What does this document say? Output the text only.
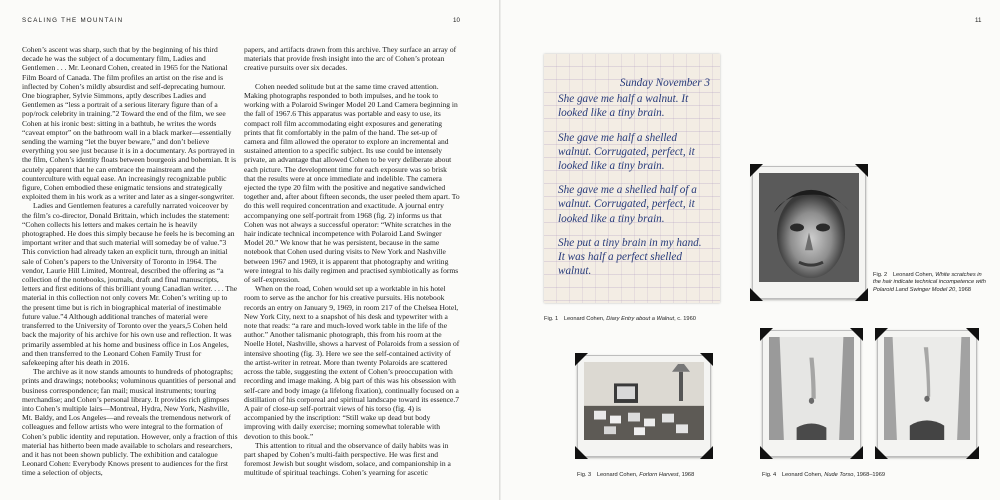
SCALING THE MOUNTAIN	10

Cohen’s ascent was sharp, such that by the beginning of his third decade he was the subject of a documentary film, Ladies and Gentlemen . . . Mr. Leonard Cohen, created in 1965 for the National Film Board of Canada. The film profiles an artist on the rise and is inflected by Cohen’s mildly absurdist and self-deprecating humour. One biographer, Sylvie Simmons, aptly describes Ladies and Gentlemen as “less a portrait of a serious literary figure than of a pop/rock celebrity in training.”2 Toward the end of the film, we see Cohen at his ironic best: sitting in a bathtub, he writes the words “caveat emptor” on the bathroom wall in a black marker—essentially sending the warning “let the buyer beware,” and don’t believe everything you see just because it is in a documentary. As portrayed in the film, Cohen’s identity floats between bourgeois and bohemian. It is acutely apparent that he can embrace the mainstream and the counterculture with equal ease. An increasingly recognizable public figure, Cohen embodied these enigmatic tensions and strategically exploited them in his work as a writer and later as a singer-songwriter.

Ladies and Gentlemen features a carefully narrated voiceover by the film’s co-director, Donald Brittain, which includes the statement: “Cohen collects his letters and makes certain he is heavily photographed. He does this simply because he feels he is becoming an important writer and that such material will someday be of value.”3 This conviction had already taken an explicit turn, through an initial sale of Cohen’s papers to the University of Toronto in 1964. The vendor, Laurie Hill Limited, Montreal, described the offering as “a collection of the notebooks, journals, draft and final manuscripts, letters and first editions of this brilliant young Canadian writer. . . . The material in this collection not only covers Mr. Cohen’s writing up to the present time but is rich in biographical material of inestimable future value.”4 Although additional tranches of material were transferred to the University of Toronto over the years,5 Cohen held back the majority of his archive for his own use and reflection. It was primarily assembled at his home and business office in Los Angeles, and then transferred to the Leonard Cohen Family Trust for safekeeping after his death in 2016.

The archive as it now stands amounts to hundreds of photographs; prints and drawings; notebooks; voluminous quantities of personal and business correspondence; fan mail; musical instruments; touring merchandise; and Cohen’s personal library. It provides rich glimpses into Cohen’s multiple lairs—Montreal, Hydra, New York, Nashville, Mt. Baldy, and Los Angeles—and reveals the tremendous network of colleagues and fellow artists who were integral to the formation of Cohen’s public identity and reputation. However, only a fraction of this material has hitherto been made available to scholars and researchers, and it has not been shown publicly. The exhibition and catalogue Leonard Cohen: Everybody Knows present to audiences for the first time a selection of objects,

papers, and artifacts drawn from this archive. They surface an array of materials that provide fresh insight into the arc of Cohen’s protean creative pursuits over six decades.

Cohen needed solitude but at the same time craved attention. Making photographs responded to both impulses, and he took to working with a Polaroid Swinger Model 20 Land Camera beginning in the fall of 1967.6 This apparatus was portable and easy to use, its compact roll film accommodating eight exposures and generating prints that fit comfortably in the palm of the hand. The set-up of camera and film allowed the operator to explore an incremental and sustained attention to a specific subject. Its use could be intensely private, an advantage that allowed Cohen to be very deliberate about each picture. The development time for each exposure was so brisk that the results were at once immediate and indelible. The camera ejected the type 20 film with the positive and negative sandwiched together and, after about fifteen seconds, the user peeled them apart. To do this well required concentration and exactitude. A journal entry accompanying one self-portrait from 1968 (fig. 2) informs us that Cohen was not always a successful operator: “White scratches in the hair indicate technical incompetence with Polaroid Land Swinger Model 20.” We know that he was persistent, because in the same notebook that Cohen used during visits to New York and Nashville between 1967 and 1969, it is apparent that photography and writing were integral to his daily regimen and practised symbiotically as forms of self-expression.

When on the road, Cohen would set up a worktable in his hotel room to serve as the anchor for his creative pursuits. His notebook records an entry on January 9, 1969, in room 217 of the Chelsea Hotel, New York City, next to a snapshot of his desk and typewriter with a note that reads: “a rare and much-loved work table in the life of the author.” Another talismanic photograph, this from his room at the Noelle Hotel, Nashville, shows a harvest of Polaroids from a session of intensive shooting (fig. 3). Here we see the self-contained activity of the artist-writer in retreat. More than twenty Polaroids are scattered across the table, suggesting the extent of Cohen’s preoccupation with recording and image making. A big part of this was his obsession with self-care and body image (a lifelong fixation), continually focused on a distillation of his corporeal and spiritual landscape toward its essence.7 A pair of close-up self-portrait views of his torso (fig. 4) is accompanied by the inscription: “Still wake up dead but body improving with daily exercise; morning somewhat tolerable with devotion to this book.”

This attention to ritual and the observance of daily habits was in part shaped by Cohen’s multi-faith perspective. He was first and foremost Jewish but sought wisdom, solace, and companionship in a multitude of spiritual teachings. Cohen’s yearning for ascetic

11
Sunday November 3
She gave me half a walnut. It looked like a tiny brain.
She gave me half a shelled walnut. Corrugated, perfect, it looked like a tiny brain.
She gave me a shelled half of a walnut. Corrugated, perfect, it looked like a tiny brain.
She put a tiny brain in my hand. It was half a perfect shelled walnut.
Fig. 1 Leonard Cohen, Diary Entry about a Walnut, c. 1960
Fig. 2 Leonard Cohen, White scratches in the hair indicate technical incompetence with Polaroid Land Swinger Model 20, 1968
Fig. 3 Leonard Cohen, Forlorn Harvest, 1968	Fig. 4 Leonard Cohen, Nude Torso, 1968–1969
